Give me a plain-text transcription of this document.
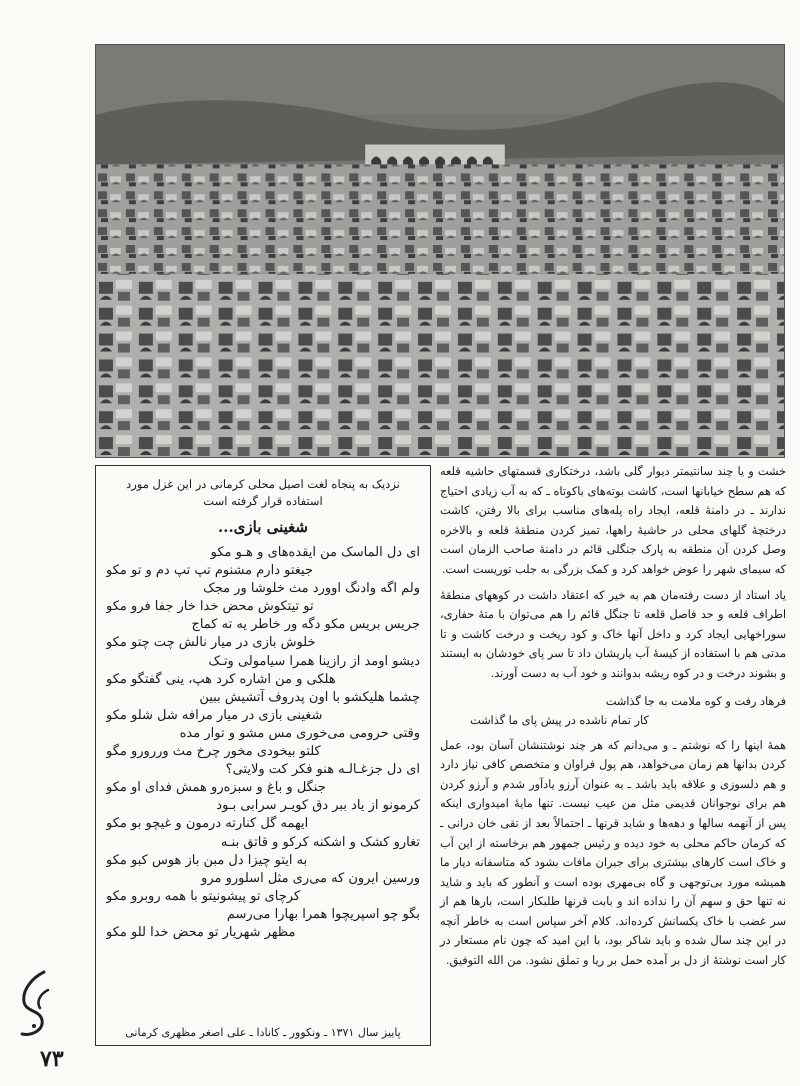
نزدیک به پنجاه لغت اصیل محلی کرمانی در این غزل مورد استفاده قرار گرفته است
شغینی بازی...
ای دل الماسک من ایقده‌های و هـو مکو
جیغتو دارم مشنوم تپ تپ دم و تو مکو
ولم اگه وادنگ اوورد مث خلوشا ور مجک
تو تیتکوش محض خدا خار جفا فرو مکو
جریس بریس مکو دگه ور خاطر یه ته کماج
خلوش بازی در میار نالش چت چتو مکو
دیشو اومد از رازینا همرا سیامولی وتـک
هلکی و من اشاره کرد هپ، ینی گفتگو مکو
چشما هلیکشو با اون پدروف آتشیش ببین
شغینی بازی در میار مرافه شل شلو مکو
وقتی حرومی می‌خوری مس مشو و توار مده
کلتو بیخودی مخور چرخ مث وررورو مگو
ای دل جزغـالـه هنو فکر کت ولایتی؟
جنگل و باغ و سبزه‌رو همش فدای او مکو
کرمونو از یاد ببر دق کویـر سرابی بـود
ایهمه گل کنارته درمون و غیچو بو مکو
تغارو کشک و اشکنه کرکو و قاتق بنـه
به ایتو چیزا دل مبن باز هوس کبو مکو
ورسین ایرون که می‌ری مثل اسلورو مرو
کرچای تو پیشونیتو با همه روبرو مکو
بگو چو اسپریچوا همرا بهارا می‌رسم
مظهر شهریار تو محض خدا للو مکو
پاییز سال ۱۳۷۱ ـ ونکوور ـ کانادا ـ علی اصغر مظهری کرمانی

خشت و یا چند سانتیمتر دیوار گلی باشد، درختکاری قسمتهای حاشیه قلعه که هم سطح خیابانها است، کاشت بوته‌های باکوتاه ـ که به آب زیادی احتیاج ندارند ـ در دامنهٔ قلعه، ایجاد راه پله‌های مناسب برای بالا رفتن، کاشت درختچهٔ گلهای محلی در حاشیهٔ راهها، تمیز کردن منطقهٔ قلعه و بالاخره وصل کردن آن منطقه به پارک جنگلی قائم در دامنهٔ صاحب الزمان است که سیمای شهر را عوض خواهد کرد و کمک بزرگی به جلب توریست است.

یاد استاد از دست رفته‌مان هم به خیر که اعتقاد داشت در کوههای منطقهٔ اطراف قلعه و حد فاصل قلعه تا جنگل قائم را هم می‌توان با متهٔ حفاری، سوراخهایی ایجاد کرد و داخل آنها خاک و کود ریخت و درخت کاشت و تا مدتی هم با استفاده از کیسهٔ آب یاریشان داد تا سر پای خودشان به ایستند و بشوند درخت و در کوه ریشه بدوانند و خود آب به دست آورند.

فرهاد رفت و کوه ملامت به جا گذاشت
کار تمام ناشده در پیش پای ما گذاشت

همهٔ اینها را که نوشتم ـ و می‌دانم که هر چند نوشتنشان آسان بود، عمل کردن بدانها هم زمان می‌خواهد، هم پول فراوان و متخصص کافی نیاز دارد و هم دلسوزی و علاقه باید باشد ـ به عنوان آرزو یادآور شدم و آرزو کردن هم برای نوجوانان قدیمی مثل من عیب نیست. تنها مایهٔ امیدواری اینکه پس از آنهمه سالها و دهه‌ها و شاید قرنها ـ احتمالاً بعد از تقی خان درانی ـ که کرمان حاکم محلی به خود دیده و رئیس جمهور هم برخاسته از این آب و خاک است کارهای بیشتری برای جبران مافات بشود که متاسفانه دیار ما همیشه مورد بی‌توجهی و گاه بی‌مهری بوده است و آنطور که باید و شاید نه تنها حق و سهم آن را نداده اند و بابت قرنها طلبکار است، بارها هم از سر غضب با خاک یکسانش کرده‌اند. کلام آخر سپاس است به خاطر آنچه در این چند سال شده و باید شاکر بود، با این امید که چون نام مستعار در کار است نوشتهٔ از دل بر آمده حمل بر ریا و تملق نشود. من الله التوفیق.

۷۳
